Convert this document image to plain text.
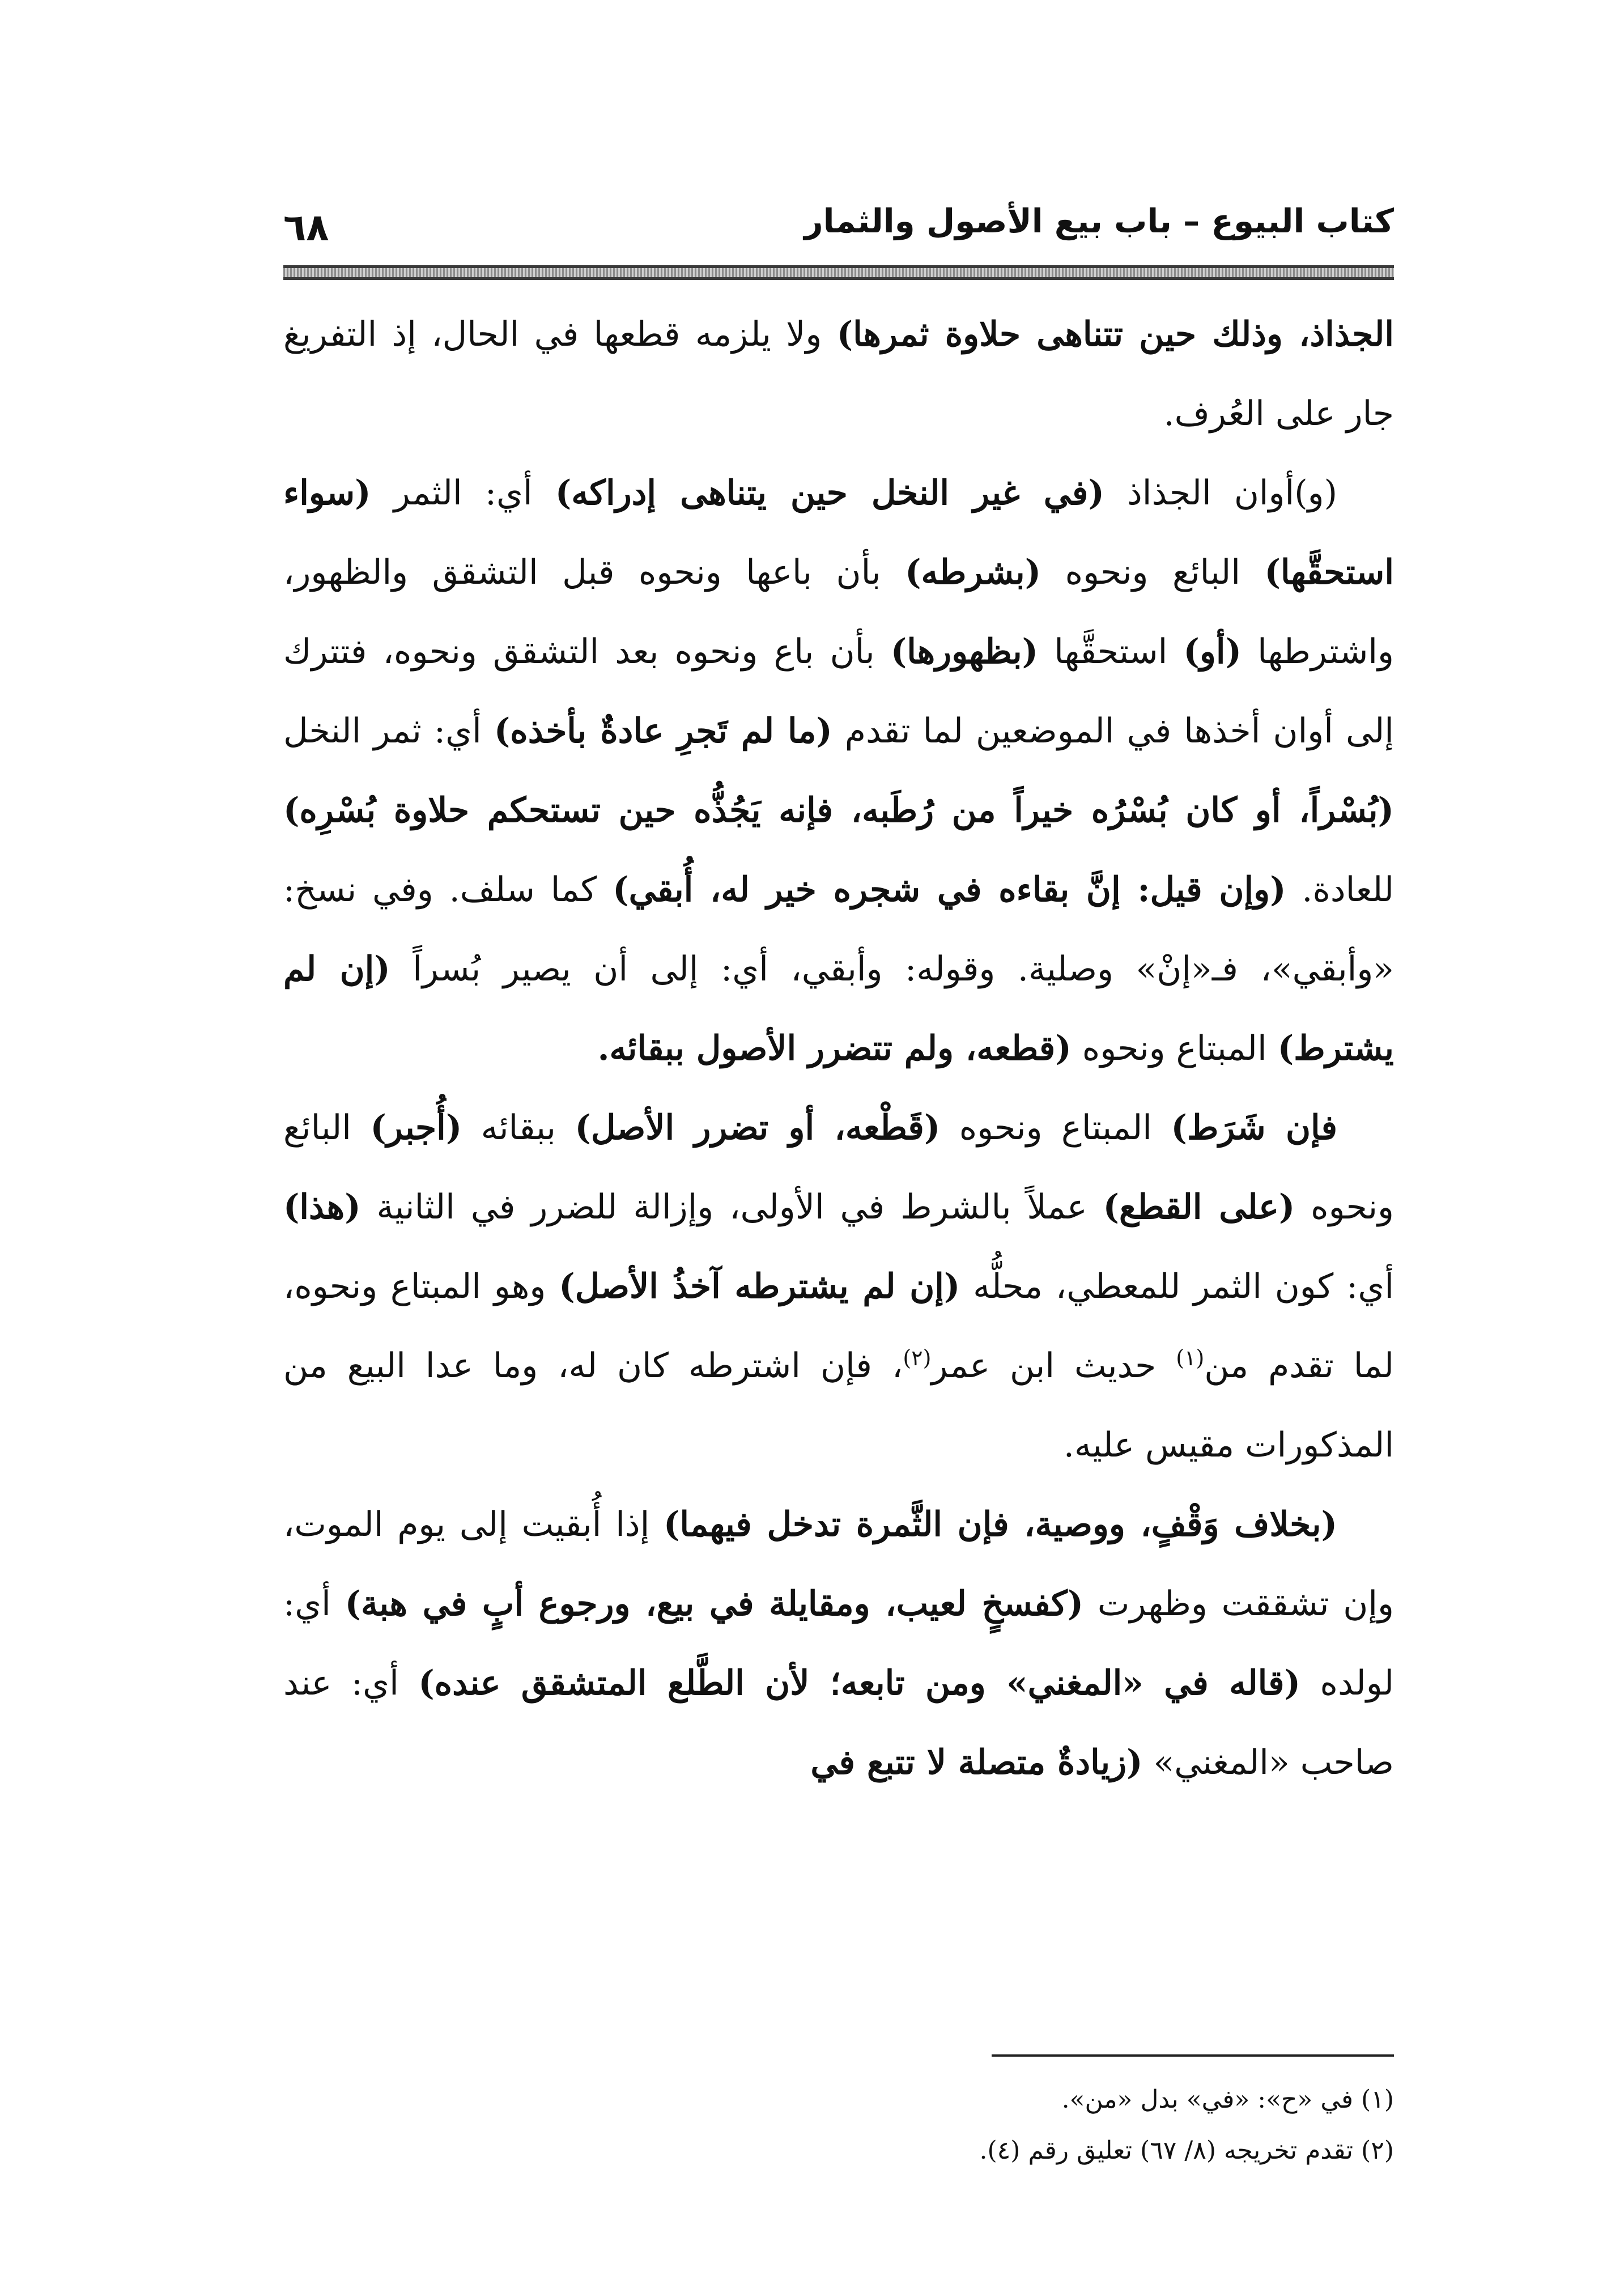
٦٨	كتاب البيوع – باب بيع الأصول والثمار

الجذاذ، وذلك حين تتناهى حلاوة ثمرها) ولا يلزمه قطعها في الحال، إذ التفريغ جار على العُرف.

(و)أوان الجذاذ (في غير النخل حين يتناهى إدراكه) أي: الثمر (سواء استحقَّها) البائع ونحوه (بشرطه) بأن باعها ونحوه قبل التشقق والظهور، واشترطها (أو) استحقَّها (بظهورها) بأن باع ونحوه بعد التشقق ونحوه، فتترك إلى أوان أخذها في الموضعين لما تقدم (ما لم تَجرِ عادةٌ بأخذه) أي: ثمر النخل (بُسْراً، أو كان بُسْرُه خيراً من رُطَبه، فإنه يَجُذُّه حين تستحكم حلاوة بُسْرِه) للعادة. (وإن قيل: إنَّ بقاءه في شجره خير له، أُبقي) كما سلف. وفي نسخ: «وأبقي»، فـ«إنْ» وصلية. وقوله: وأبقي، أي: إلى أن يصير بُسراً (إن لم يشترط) المبتاع ونحوه (قطعه، ولم تتضرر الأصول ببقائه.

فإن شَرَط) المبتاع ونحوه (قَطْعه، أو تضرر الأصل) ببقائه (أُجبر) البائع ونحوه (على القطع) عملاً بالشرط في الأولى، وإزالة للضرر في الثانية (هذا) أي: كون الثمر للمعطي، محلُّه (إن لم يشترطه آخذُ الأصل) وهو المبتاع ونحوه، لما تقدم من$^{(١)}$ حديث ابن عمر$^{(٢)}$، فإن اشترطه كان له، وما عدا البيع من المذكورات مقيس عليه.

(بخلاف وَقْفٍ، ووصية، فإن الثَّمرة تدخل فيهما) إذا أُبقيت إلى يوم الموت، وإن تشققت وظهرت (كفسخٍ لعيب، ومقايلة في بيع، ورجوع أبٍ في هبة) أي: لولده (قاله في «المغني» ومن تابعه؛ لأن الطَّلع المتشقق عنده) أي: عند صاحب «المغني» (زيادةٌ متصلة لا تتبع في

(١) في «ح»: «في» بدل «من».

(٢) تقدم تخريجه (٨/ ٦٧) تعليق رقم (٤).
